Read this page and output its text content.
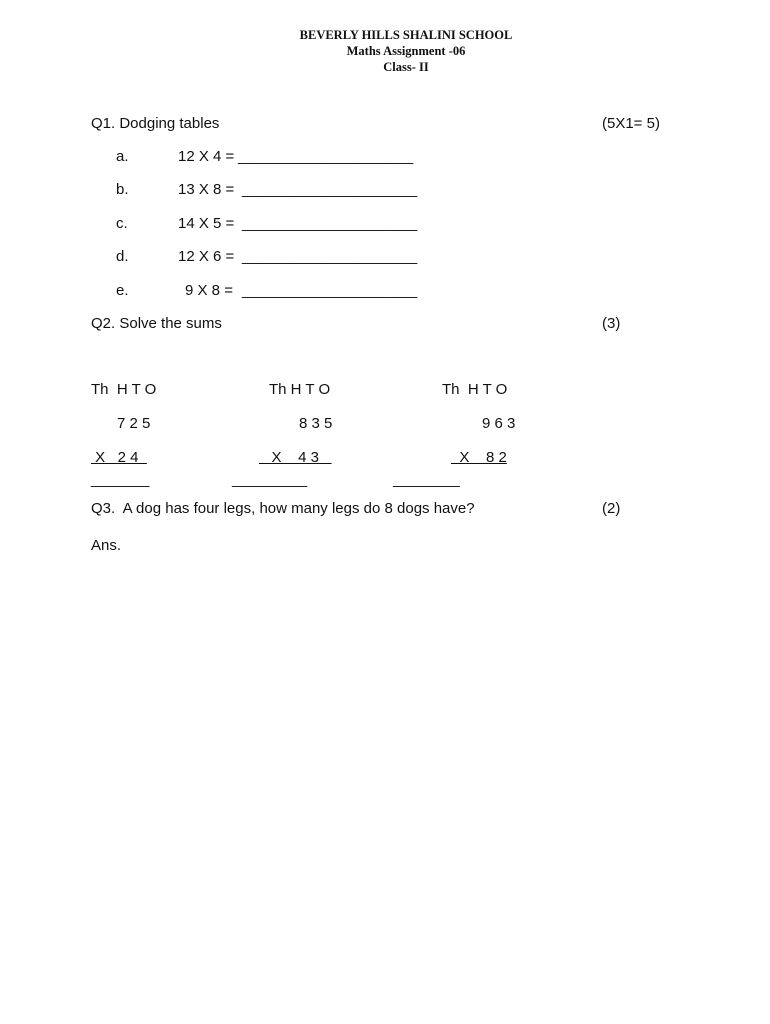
BEVERLY HILLS SHALINI SCHOOL
Maths Assignment -06
Class- II
Q1. Dodging tables	(5X1= 5)
a.	12 X 4 = _____________________
b.	13 X 8 = _____________________
c.	14 X 5 = _____________________
d.	12 X 6 = _____________________
e.	9 X 8 = _____________________
Q2. Solve the sums	(3)
Th  H T O
7 2 5
X   2 4
_______
Th H T O
8 3 5
X    4 3
_________
Th  H T O
9 6 3
X    8 2
________
Q3.  A dog has four legs, how many legs do 8 dogs have?	(2)
Ans.
